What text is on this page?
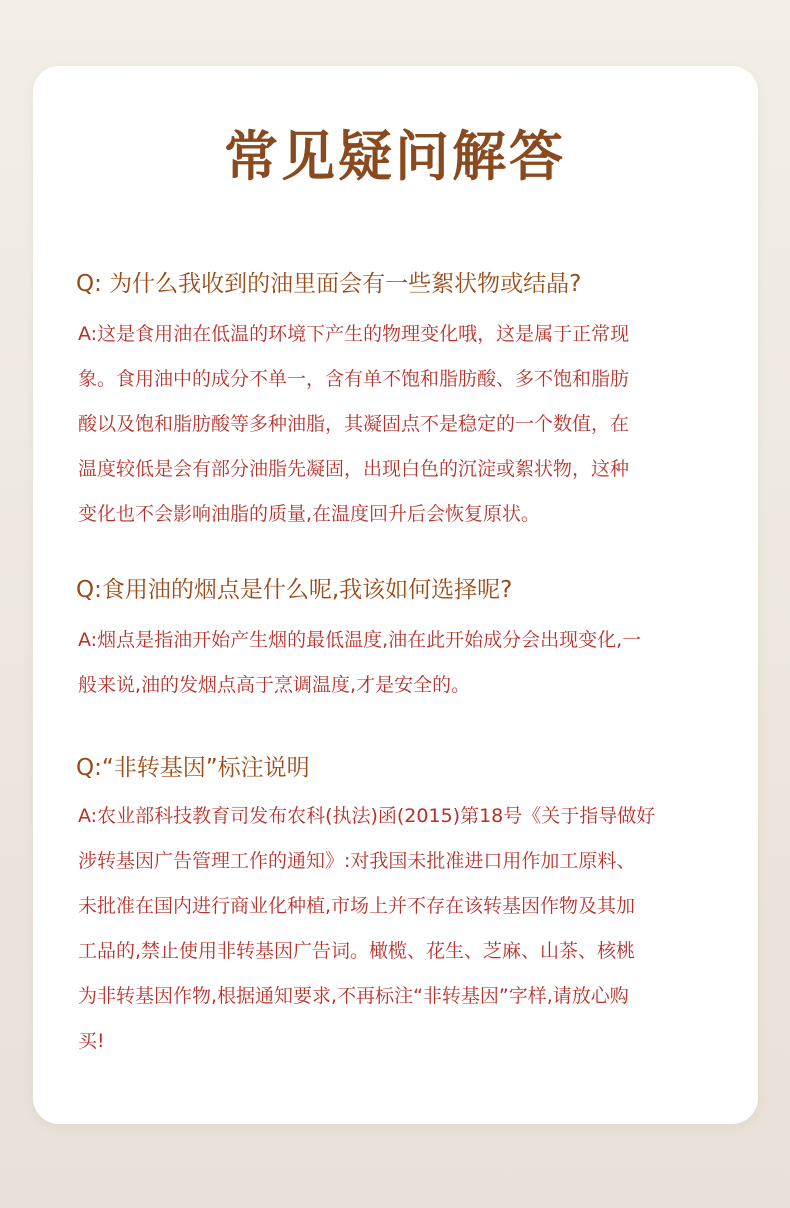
常见疑问解答

Q: 为什么我收到的油里面会有一些絮状物或结晶?

A:这是食用油在低温的环境下产生的物理变化哦，这是属于正常现
象。食用油中的成分不单一，含有单不饱和脂肪酸、多不饱和脂肪
酸以及饱和脂肪酸等多种油脂，其凝固点不是稳定的一个数值，在
温度较低是会有部分油脂先凝固，出现白色的沉淀或絮状物，这种
变化也不会影响油脂的质量,在温度回升后会恢复原状。

Q:食用油的烟点是什么呢,我该如何选择呢?

A:烟点是指油开始产生烟的最低温度,油在此开始成分会出现变化,一
般来说,油的发烟点高于烹调温度,才是安全的。

Q:“非转基因”标注说明

A:农业部科技教育司发布农科(执法)函(2015)第18号《关于指导做好
涉转基因广告管理工作的通知》:对我国未批准进口用作加工原料、
未批准在国内进行商业化种植,市场上并不存在该转基因作物及其加
工品的,禁止使用非转基因广告词。橄榄、花生、芝麻、山茶、核桃
为非转基因作物,根据通知要求,不再标注“非转基因”字样,请放心购
买!
